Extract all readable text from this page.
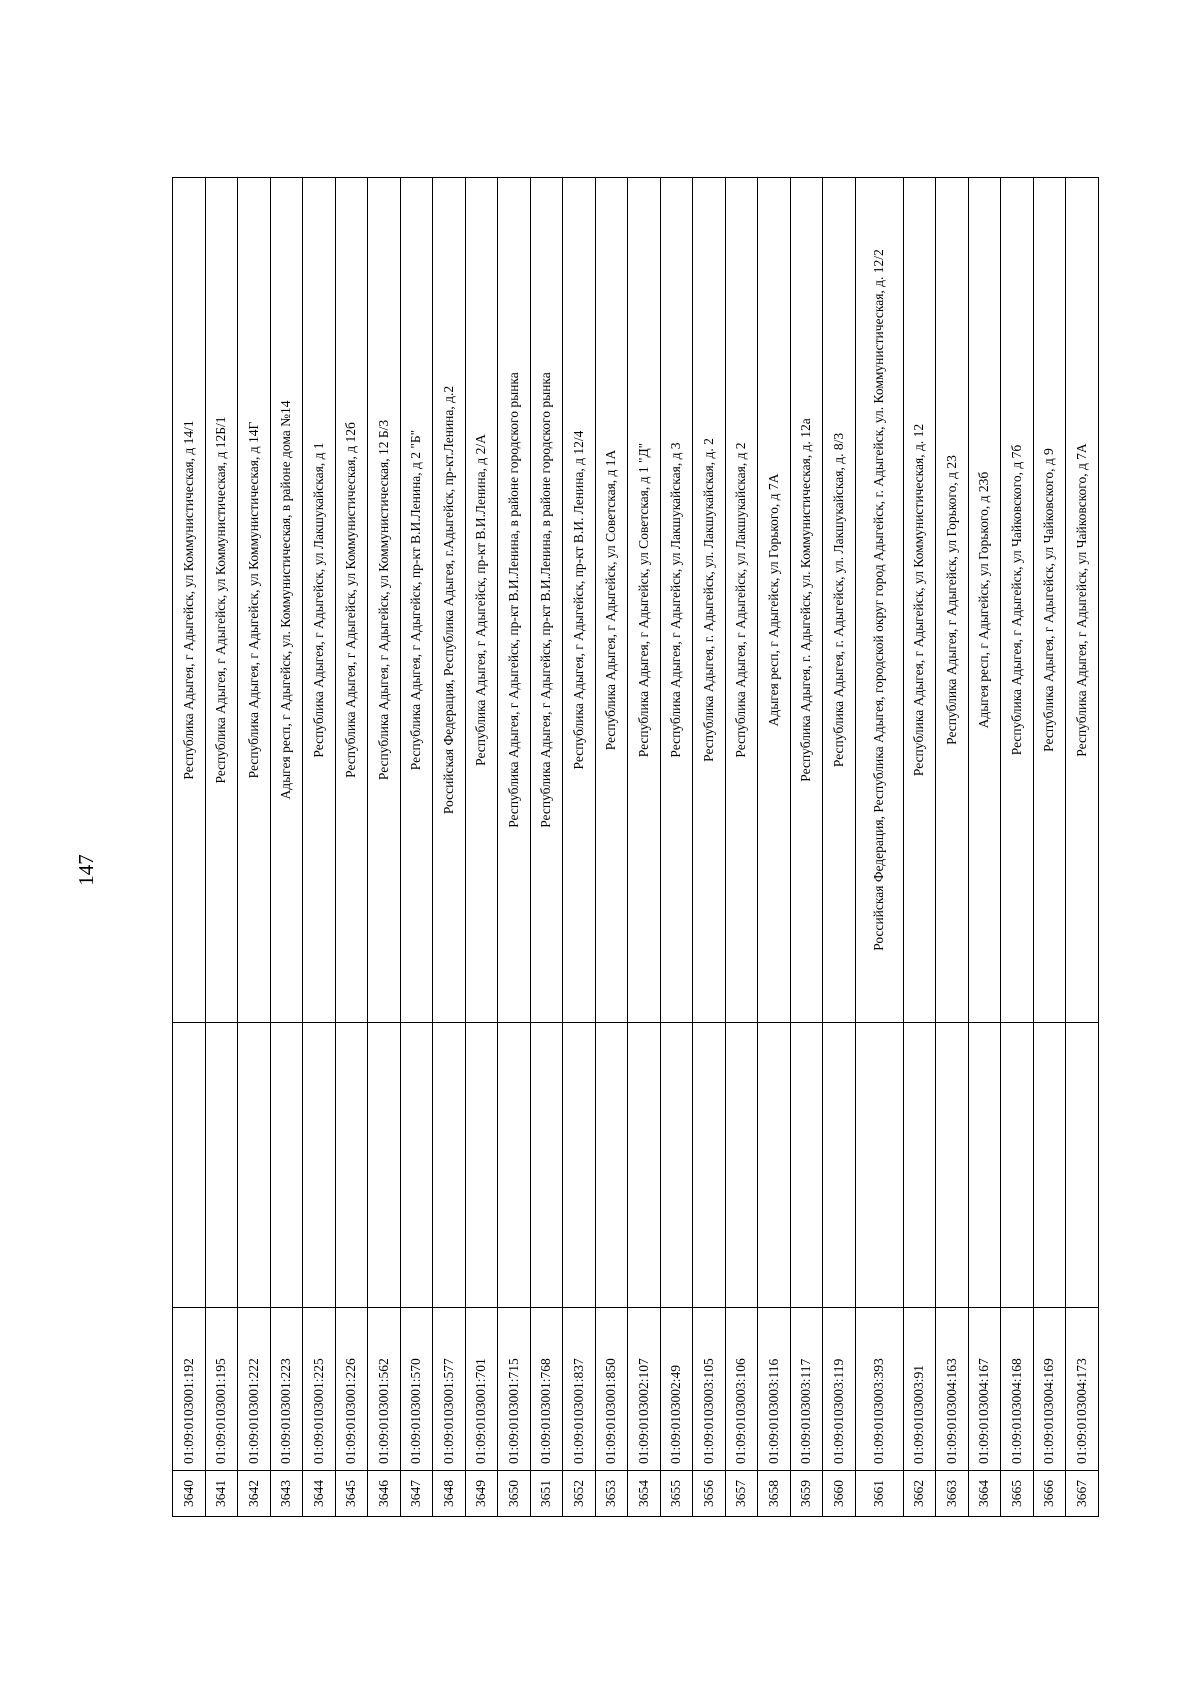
147
3640	01:09:0103001:192		Республика Адыгея, г Адыгейск, ул Коммунистическая, д 14/1
3641	01:09:0103001:195		Республика Адыгея, г Адыгейск, ул Коммунистическая, д 12Б/1
3642	01:09:0103001:222		Республика Адыгея, г Адыгейск, ул Коммунистическая, д 14Г
3643	01:09:0103001:223		Адыгея респ, г Адыгейск, ул. Коммунистическая, в районе дома №14
3644	01:09:0103001:225		Республика Адыгея, г Адыгейск, ул Лакшукайская, д 1
3645	01:09:0103001:226		Республика Адыгея, г Адыгейск, ул Коммунистическая, д 12б
3646	01:09:0103001:562		Республика Адыгея, г Адыгейск, ул Коммунистическая, 12 Б/3
3647	01:09:0103001:570		Республика Адыгея, г Адыгейск, пр-кт В.И.Ленина, д 2 "Б"
3648	01:09:0103001:577		Российская Федерация, Республика Адыгея, г.Адыгейск, пр-кт.Ленина, д.2
3649	01:09:0103001:701		Республика Адыгея, г Адыгейск, пр-кт В.И.Ленина, д 2/А
3650	01:09:0103001:715		Республика Адыгея, г Адыгейск, пр-кт В.И.Ленина, в районе городского рынка
3651	01:09:0103001:768		Республика Адыгея, г Адыгейск, пр-кт В.И.Ленина, в районе городского рынка
3652	01:09:0103001:837		Республика Адыгея, г Адыгейск, пр-кт В.И. Ленина, д 12/4
3653	01:09:0103001:850		Республика Адыгея, г Адыгейск, ул Советская, д 1А
3654	01:09:0103002:107		Республика Адыгея, г Адыгейск, ул Советская, д 1 "Д"
3655	01:09:0103002:49		Республика Адыгея, г Адыгейск, ул Лакшукайская, д 3
3656	01:09:0103003:105		Республика Адыгея, г. Адыгейск, ул. Лакшукайская, д. 2
3657	01:09:0103003:106		Республика Адыгея, г Адыгейск, ул Лакшукайская, д 2
3658	01:09:0103003:116		Адыгея респ, г Адыгейск, ул Горького, д 7А
3659	01:09:0103003:117		Республика Адыгея, г. Адыгейск, ул. Коммунистическая, д. 12а
3660	01:09:0103003:119		Республика Адыгея, г. Адыгейск, ул. Лакшукайская, д. 8/3
3661	01:09:0103003:393		Российская Федерация, Республика Адыгея, городской округ город Адыгейск, г. Адыгейск, ул. Коммунистическая, д. 12/2
3662	01:09:0103003:91		Республика Адыгея, г Адыгейск, ул Коммунистическая, д. 12
3663	01:09:0103004:163		Республика Адыгея, г Адыгейск, ул Горького, д 23
3664	01:09:0103004:167		Адыгея респ, г Адыгейск, ул Горького, д 23б
3665	01:09:0103004:168		Республика Адыгея, г Адыгейск, ул Чайковского, д 7б
3666	01:09:0103004:169		Республика Адыгея, г Адыгейск, ул Чайковского, д 9
3667	01:09:0103004:173		Республика Адыгея, г Адыгейск, ул Чайковского, д 7А
